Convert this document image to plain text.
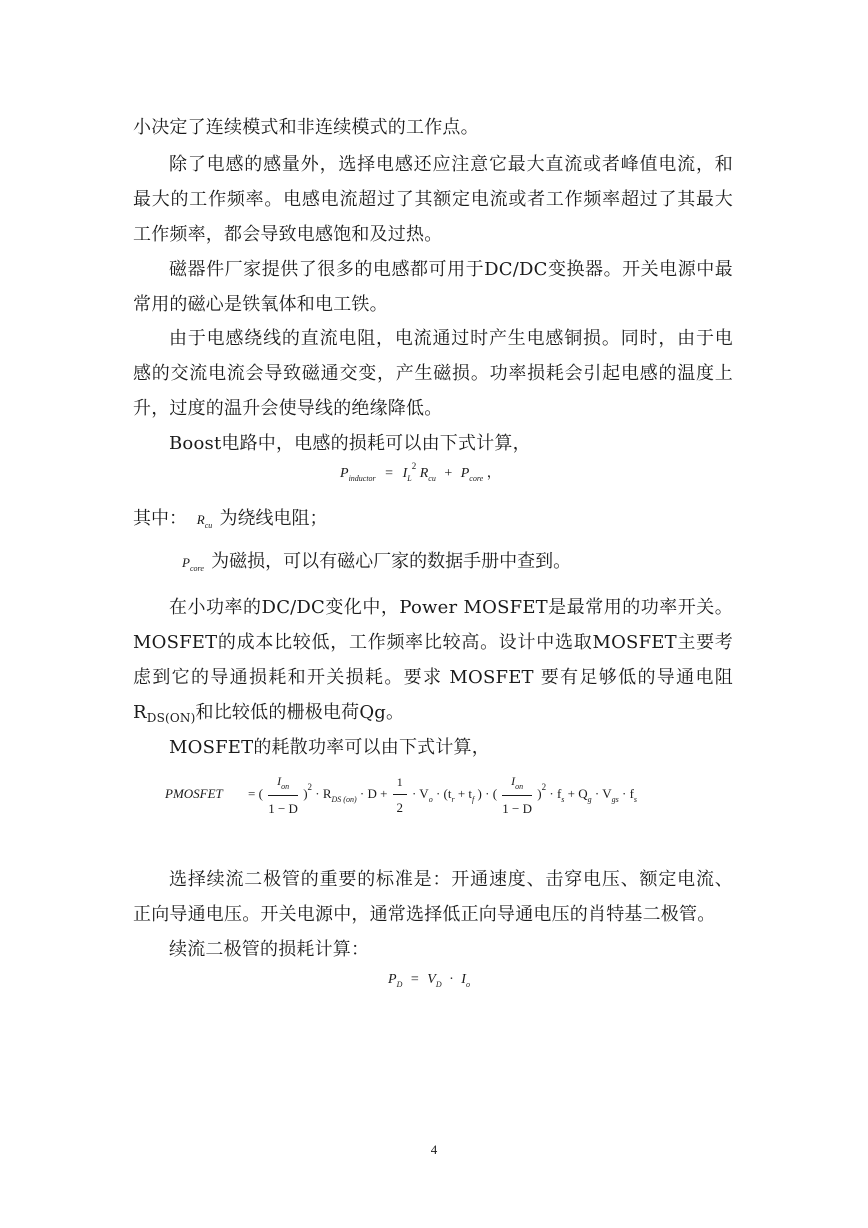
小决定了连续模式和非连续模式的工作点。

除了电感的感量外，选择电感还应注意它最大直流或者峰值电流，和最大的工作频率。电感电流超过了其额定电流或者工作频率超过了其最大工作频率，都会导致电感饱和及过热。

磁器件厂家提供了很多的电感都可用于DC/DC变换器。开关电源中最常用的磁心是铁氧体和电工铁。

由于电感绕线的直流电阻，电流通过时产生电感铜损。同时，由于电感的交流电流会导致磁通交变，产生磁损。功率损耗会引起电感的温度上升，过度的温升会使导线的绝缘降低。

Boost电路中，电感的损耗可以由下式计算，

$P_{inductor} = I_L^2$ $R_{cu} + P_{core}$ ，
其中： $R_{cu}$ 为绕线电阻；
$P_{core}$ 为磁损，可以有磁心厂家的数据手册中查到。

在小功率的DC/DC变化中，Power MOSFET是最常用的功率开关。MOSFET的成本比较低，工作频率比较高。设计中选取MOSFET主要考虑到它的导通损耗和开关损耗。要求 MOSFET 要有足够低的导通电阻 $R_{DS(ON)}$和比较低的栅极电荷Qg。

MOSFET的耗散功率可以由下式计算，

PMOSFET = ( $\frac{I_{on}}{1 - D} )^2 \cdot R_{DS (on)} \cdot D + \frac{1}{2} \cdot V_o \cdot (t_r + t_f$ ) · ( $\frac{I_{on}}{1 - D} )^2 \cdot f_s + Q_g \cdot V_{gs} \cdot f_s$

选择续流二极管的重要的标准是：开通速度、击穿电压、额定电流、正向导通电压。开关电源中，通常选择低正向导通电压的肖特基二极管。

续流二极管的损耗计算：

$P_D = V_D \cdot I_o$
4
